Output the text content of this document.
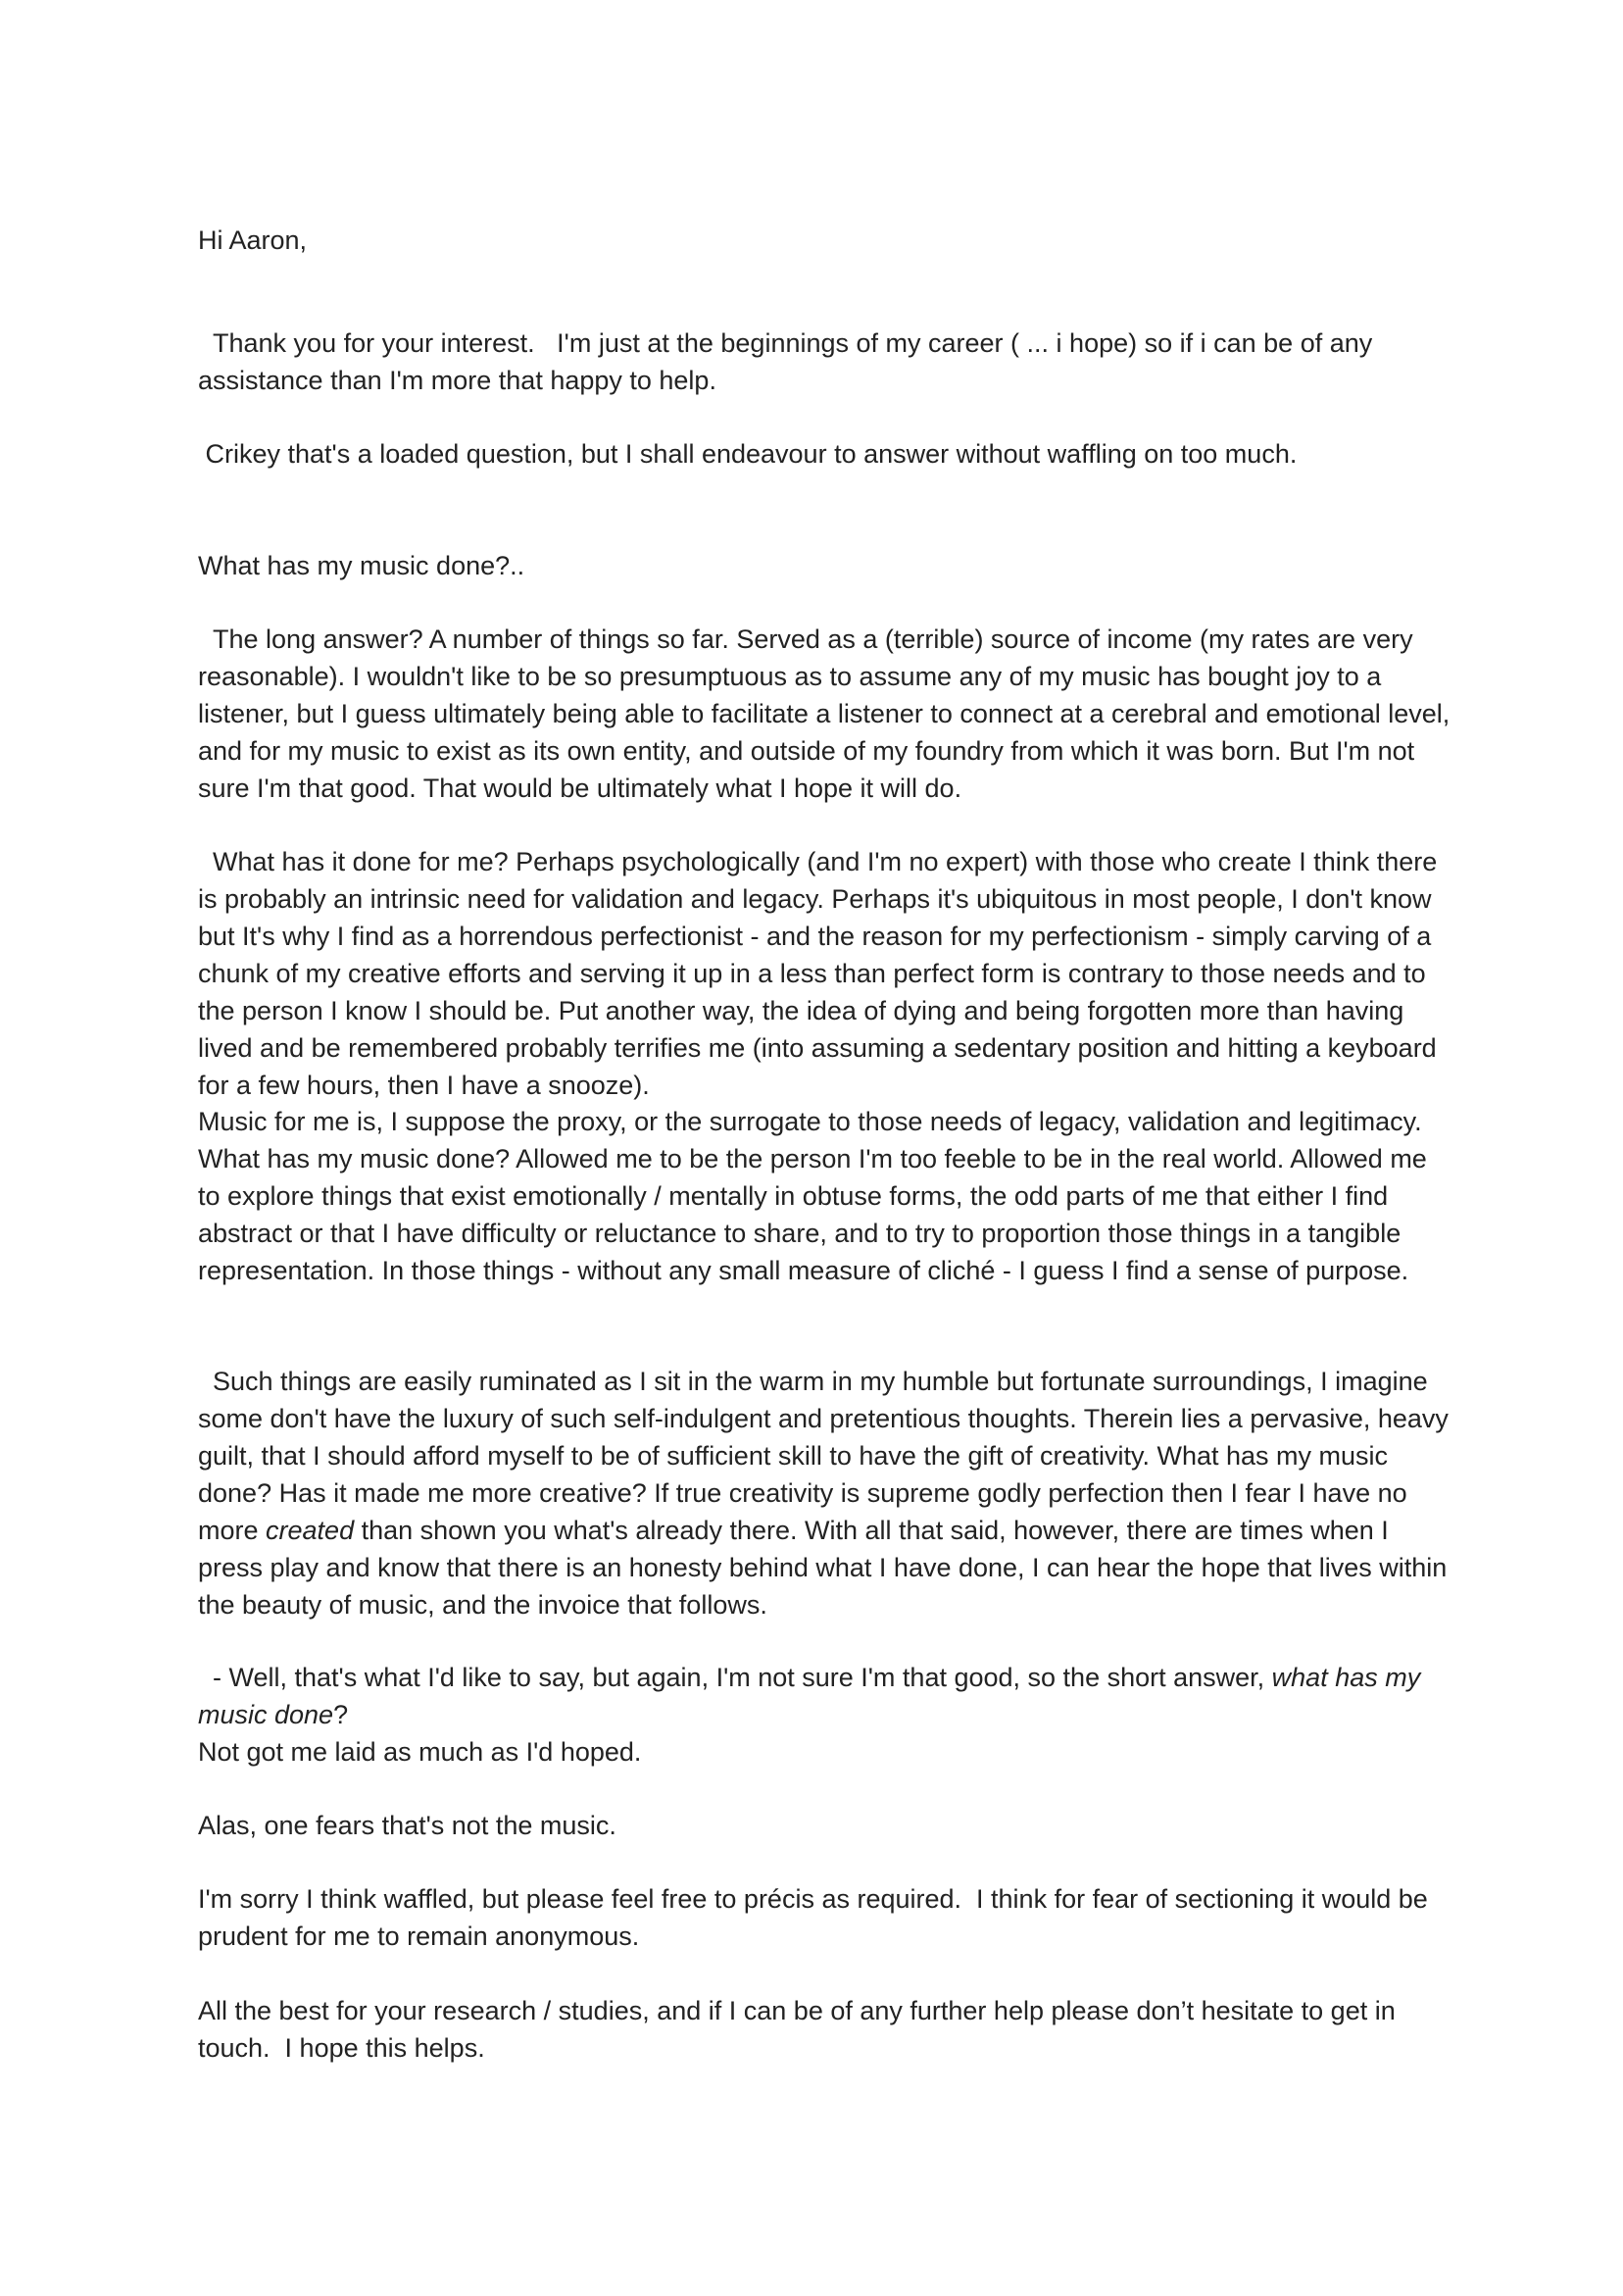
Hi Aaron,
Thank you for your interest.   I'm just at the beginnings of my career ( ... i hope) so if i can be of any assistance than I'm more that happy to help.
Crikey that's a loaded question, but I shall endeavour to answer without waffling on too much.
What has my music done?..
The long answer? A number of things so far. Served as a (terrible) source of income (my rates are very reasonable). I wouldn't like to be so presumptuous as to assume any of my music has bought joy to a listener, but I guess ultimately being able to facilitate a listener to connect at a cerebral and emotional level, and for my music to exist as its own entity, and outside of my foundry from which it was born. But I'm not sure I'm that good. That would be ultimately what I hope it will do.
What has it done for me? Perhaps psychologically (and I'm no expert) with those who create I think there is probably an intrinsic need for validation and legacy. Perhaps it's ubiquitous in most people, I don't know but It's why I find as a horrendous perfectionist - and the reason for my perfectionism - simply carving of a chunk of my creative efforts and serving it up in a less than perfect form is contrary to those needs and to the person I know I should be. Put another way, the idea of dying and being forgotten more than having lived and be remembered probably terrifies me (into assuming a sedentary position and hitting a keyboard for a few hours, then I have a snooze).
Music for me is, I suppose the proxy, or the surrogate to those needs of legacy, validation and legitimacy. What has my music done? Allowed me to be the person I'm too feeble to be in the real world. Allowed me to explore things that exist emotionally / mentally in obtuse forms, the odd parts of me that either I find abstract or that I have difficulty or reluctance to share, and to try to proportion those things in a tangible representation. In those things - without any small measure of cliché - I guess I find a sense of purpose.
Such things are easily ruminated as I sit in the warm in my humble but fortunate surroundings, I imagine some don't have the luxury of such self-indulgent and pretentious thoughts. Therein lies a pervasive, heavy guilt, that I should afford myself to be of sufficient skill to have the gift of creativity. What has my music done? Has it made me more creative? If true creativity is supreme godly perfection then I fear I have no more created than shown you what's already there. With all that said, however, there are times when I press play and know that there is an honesty behind what I have done, I can hear the hope that lives within the beauty of music, and the invoice that follows.
- Well, that's what I'd like to say, but again, I'm not sure I'm that good, so the short answer, what has my music done?
Not got me laid as much as I'd hoped.
Alas, one fears that's not the music.
I'm sorry I think waffled, but please feel free to précis as required.  I think for fear of sectioning it would be prudent for me to remain anonymous.
All the best for your research / studies, and if I can be of any further help please don’t hesitate to get in touch.  I hope this helps.
